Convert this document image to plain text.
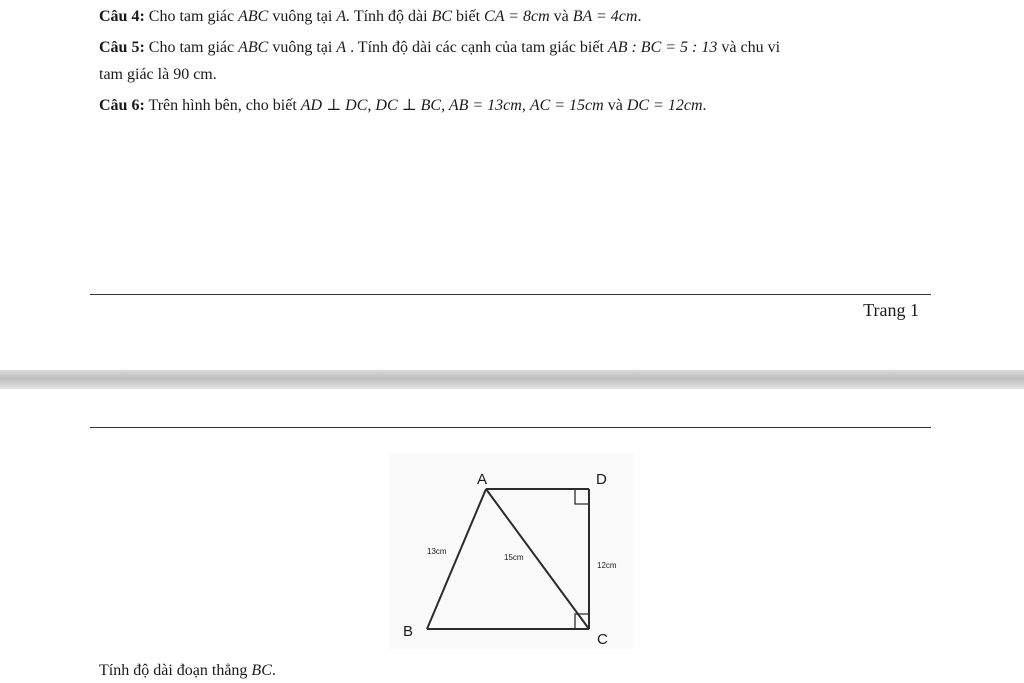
Câu 4: Cho tam giác ABC vuông tại A. Tính độ dài BC biết CA = 8cm và BA = 4cm.
Câu 5: Cho tam giác ABC vuông tại A . Tính độ dài các cạnh của tam giác biết AB : BC = 5 : 13 và chu vi
tam giác là 90 cm.
Câu 6: Trên hình bên, cho biết AD ⊥ DC, DC ⊥ BC, AB = 13cm, AC = 15cm và DC = 12cm.
Trang 1
A	D
B	C
13cm
15cm
12cm
Tính độ dài đoạn thẳng BC.
